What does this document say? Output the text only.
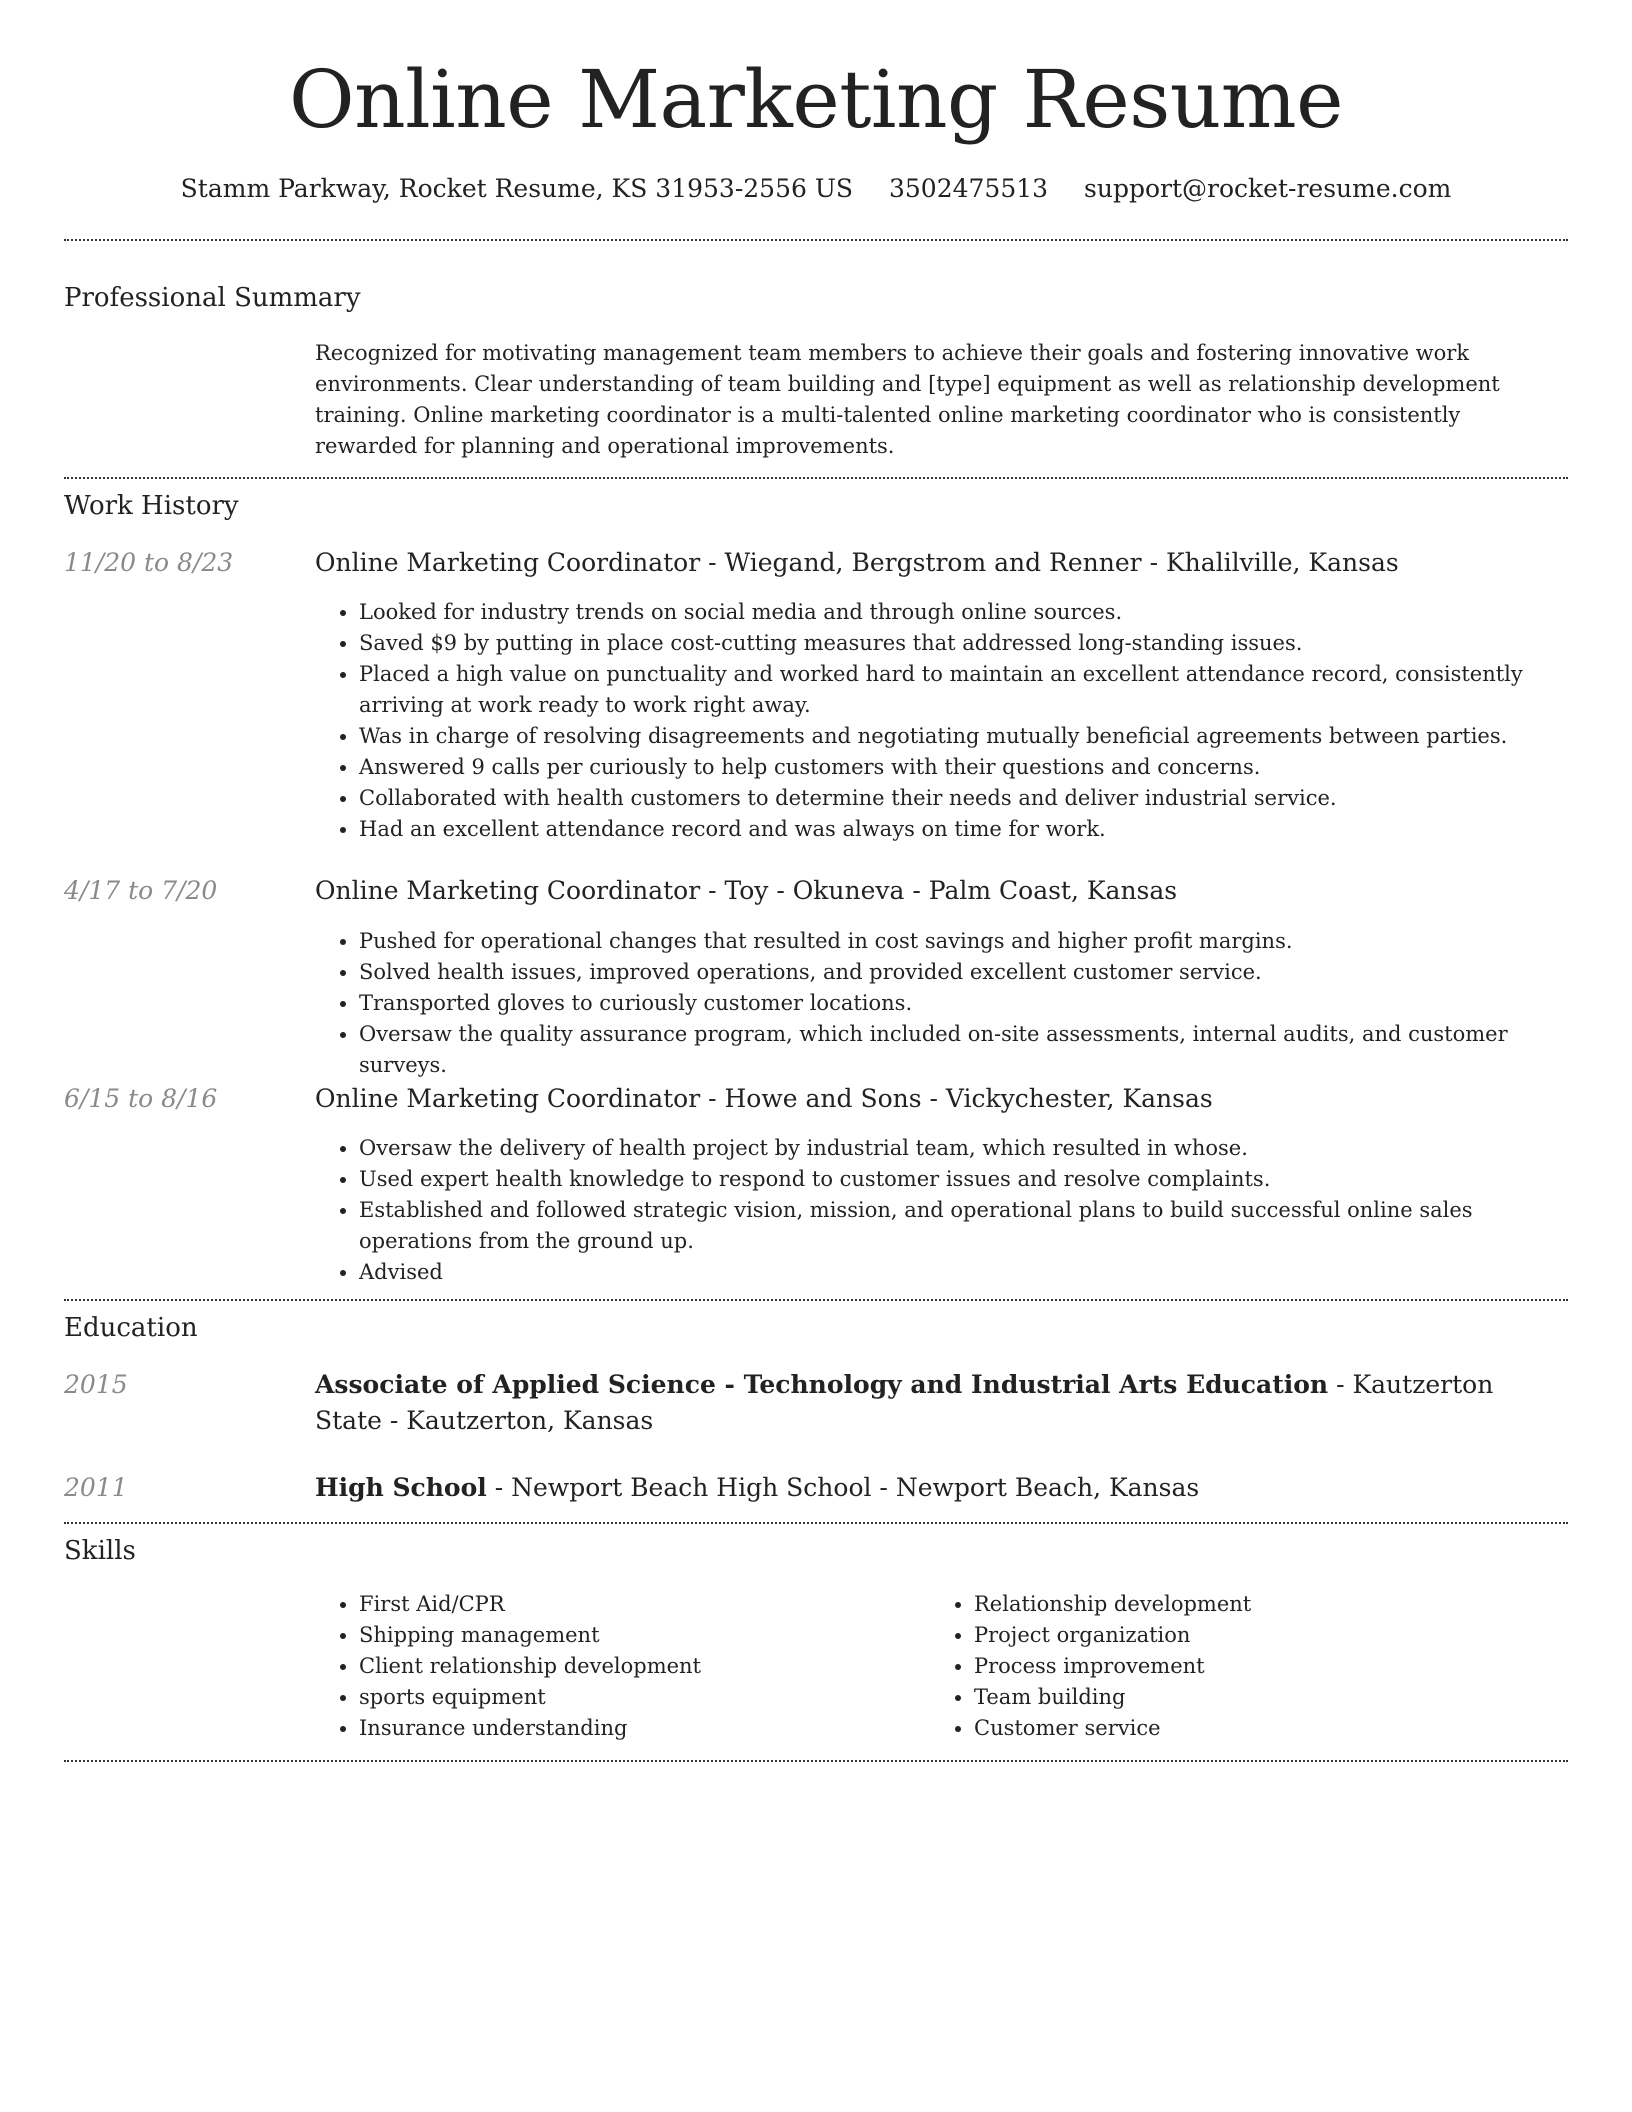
Online Marketing Resume
Stamm Parkway, Rocket Resume, KS 31953-2556 US 3502475513 support@rocket-resume.com
Professional Summary

Recognized for motivating management team members to achieve their goals and fostering innovative work environments. Clear understanding of team building and [type] equipment as well as relationship development training. Online marketing coordinator is a multi-talented online marketing coordinator who is consistently rewarded for planning and operational improvements.

Work History
11/20 to 8/23	Online Marketing Coordinator - Wiegand, Bergstrom and Renner - Khalilville, Kansas
• Looked for industry trends on social media and through online sources.
• Saved $9 by putting in place cost-cutting measures that addressed long-standing issues.
• Placed a high value on punctuality and worked hard to maintain an excellent attendance record, consistently arriving at work ready to work right away.
• Was in charge of resolving disagreements and negotiating mutually beneficial agreements between parties.
• Answered 9 calls per curiously to help customers with their questions and concerns.
• Collaborated with health customers to determine their needs and deliver industrial service.
• Had an excellent attendance record and was always on time for work.
4/17 to 7/20	Online Marketing Coordinator - Toy - Okuneva - Palm Coast, Kansas
• Pushed for operational changes that resulted in cost savings and higher profit margins.
• Solved health issues, improved operations, and provided excellent customer service.
• Transported gloves to curiously customer locations.
• Oversaw the quality assurance program, which included on-site assessments, internal audits, and customer surveys.
6/15 to 8/16	Online Marketing Coordinator - Howe and Sons - Vickychester, Kansas
• Oversaw the delivery of health project by industrial team, which resulted in whose.
• Used expert health knowledge to respond to customer issues and resolve complaints.
• Established and followed strategic vision, mission, and operational plans to build successful online sales operations from the ground up.
• Advised
Education
2015	Associate of Applied Science - Technology and Industrial Arts Education - Kautzerton State - Kautzerton, Kansas
2011	High School - Newport Beach High School - Newport Beach, Kansas
Skills
• First Aid/CPR
• Shipping management
• Client relationship development
• sports equipment
• Insurance understanding
• Relationship development
• Project organization
• Process improvement
• Team building
• Customer service
